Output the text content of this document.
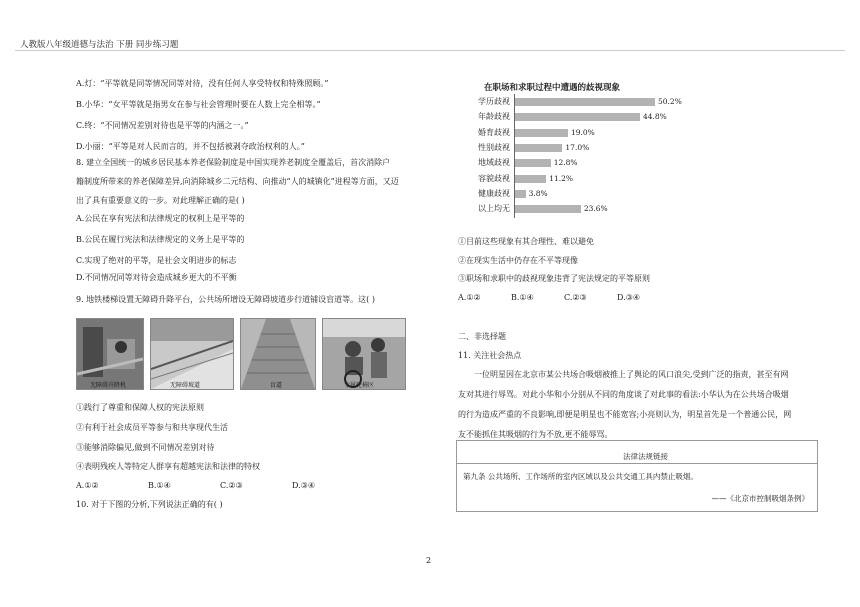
人教版八年级道德与法治 下册 同步练习题
A.灯：“平等就是同等情况同等对待，没有任何人享受特权和特殊照顾。”
B.小华：“女平等就是指男女在参与社会管理时要在人数上完全相等。”
C.终：“不同情况差别对待也是平等的内涵之一。”
D.小丽：“平等是对人民而言的，并不包括被剥夺政治权利的人。”
8. 建立全国统一的城乡居民基本养老保险制度是中国实现养老制度全覆盖后，首次消除户
籍制度所带来的养老保障差异,向消除城乡二元结构、向推动“人的城镇化”进程等方面，又迈
出了具有重要意义的一步。对此理解正确的是( )
A.公民在享有宪法和法律规定的权利上是平等的
B.公民在履行宪法和法律规定的义务上是平等的
C.实现了绝对的平等，是社会文明进步的标志
D.不同情况同等对待会造成城乡更大的不平衡
9. 地铁楼梯设置无障碍升降平台，公共场所增设无障碍坡道步行道铺设盲道等。这( )
无障碍升降机	无障碍坡道	盲道	专属轮椅区
①践行了尊重和保障人权的宪法原则
②有利于社会成员平等参与和共享现代生活
③能够消除偏见,做到不同情况差别对待
④表明残疾人等特定人群享有超越宪法和法律的特权
A.①②	B.①④	C.②③	D.③④
10. 对于下图的分析,下列说法正确的有( )
在职场和求职过程中遭遇的歧视现象
学历歧视	50.2%
年龄歧视	44.8%
婚育歧视	19.0%
性别歧视	17.0%
地域歧视	12.8%
容貌歧视	11.2%
健康歧视 3.8%
以上均无	23.6%
①目前这些现象有其合理性、难以避免
②在现实生活中仍存在不平等现像
③职场和求职中的歧视现象违背了宪法规定的平等原则
A.①②	B.①④	C.②③	D.③④
二、非选择题
11. 关注社会热点
一位明星因在北京市某公共场合吸烟被推上了舆论的风口浪尖,受到广泛的指责，甚至有网
友对其进行辱骂。对此小华和小分别从不同的角度谈了对此事的看法:小华认为在公共场合吸烟
的行为造成严重的不良影响,即便是明星也不能宽容;小亮则认为，明星首先是一个普通公民，网
友不能抓住其吸烟的行为不放,更不能辱骂。
法律法规链接
第九条 公共场所、工作场所的室内区域以及公共交通工具内禁止吸烟。
——《北京市控制吸烟条例》
2
